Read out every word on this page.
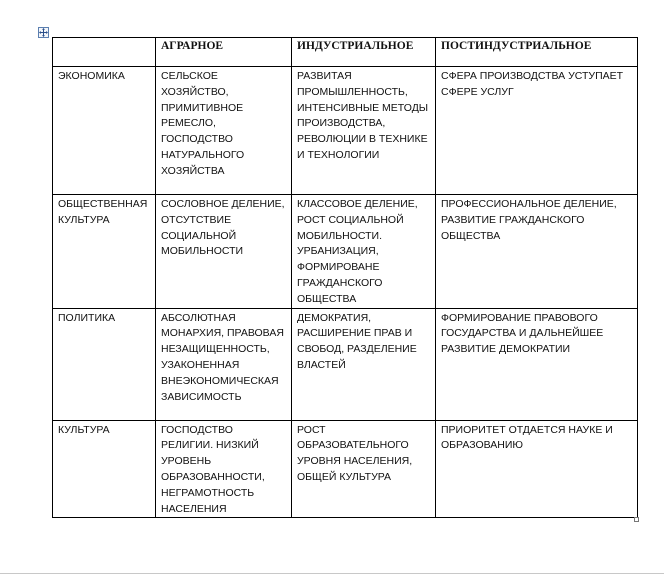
	АГРАРНОЕ	ИНДУСТРИАЛЬНОЕ	ПОСТИНДУСТРИАЛЬНОЕ
ЭКОНОМИКА	СЕЛЬСКОЕ ХОЗЯЙСТВО, ПРИМИТИВНОЕ РЕМЕСЛО, ГОСПОДСТВО НАТУРАЛЬНОГО ХОЗЯЙСТВА	РАЗВИТАЯ ПРОМЫШЛЕННОСТЬ, ИНТЕНСИВНЫЕ МЕТОДЫ ПРОИЗВОДСТВА, РЕВОЛЮЦИИ В ТЕХНИКЕ И ТЕХНОЛОГИИ	СФЕРА ПРОИЗВОДСТВА УСТУПАЕТ СФЕРЕ УСЛУГ
ОБЩЕСТВЕННАЯ КУЛЬТУРА	СОСЛОВНОЕ ДЕЛЕНИЕ, ОТСУТСТВИЕ СОЦИАЛЬНОЙ МОБИЛЬНОСТИ	КЛАССОВОЕ ДЕЛЕНИЕ, РОСТ СОЦИАЛЬНОЙ МОБИЛЬНОСТИ. УРБАНИЗАЦИЯ, ФОРМИРОВАНЕ ГРАЖДАНСКОГО ОБЩЕСТВА	ПРОФЕССИОНАЛЬНОЕ ДЕЛЕНИЕ, РАЗВИТИЕ ГРАЖДАНСКОГО ОБЩЕСТВА
ПОЛИТИКА	АБСОЛЮТНАЯ МОНАРХИЯ, ПРАВОВАЯ НЕЗАЩИЩЕННОСТЬ, УЗАКОНЕННАЯ ВНЕЭКОНОМИЧЕСКАЯ ЗАВИСИМОСТЬ	ДЕМОКРАТИЯ, РАСШИРЕНИЕ ПРАВ И СВОБОД, РАЗДЕЛЕНИЕ ВЛАСТЕЙ	ФОРМИРОВАНИЕ ПРАВОВОГО ГОСУДАРСТВА И ДАЛЬНЕЙШЕЕ РАЗВИТИЕ ДЕМОКРАТИИ
КУЛЬТУРА	ГОСПОДСТВО РЕЛИГИИ. НИЗКИЙ УРОВЕНЬ ОБРАЗОВАННОСТИ, НЕГРАМОТНОСТЬ НАСЕЛЕНИЯ	РОСТ ОБРАЗОВАТЕЛЬНОГО УРОВНЯ НАСЕЛЕНИЯ, ОБЩЕЙ КУЛЬТУРА	ПРИОРИТЕТ ОТДАЕТСЯ НАУКЕ И ОБРАЗОВАНИЮ
